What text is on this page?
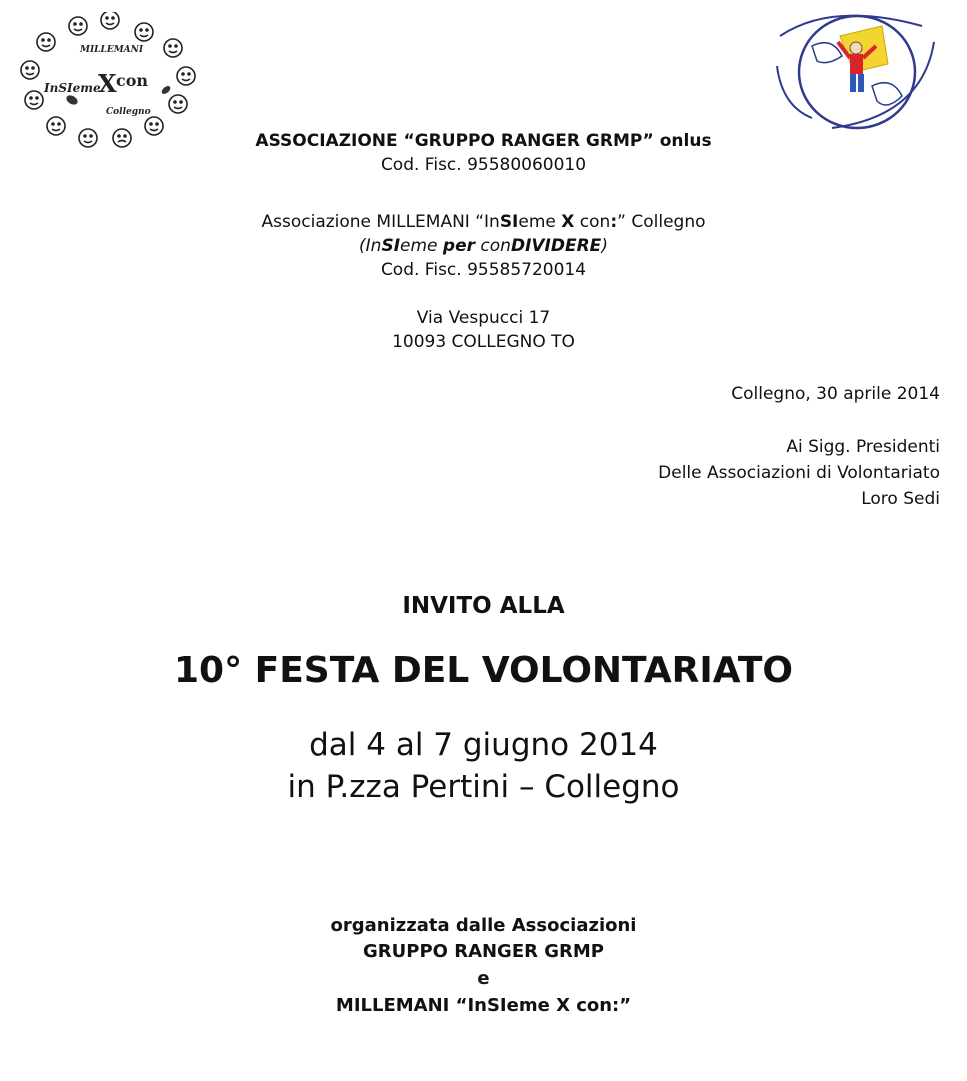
MILLEMANI
InSIeme
X con
Collegno
ASSOCIAZIONE “GRUPPO RANGER GRMP” onlus
Cod. Fisc. 95580060010
Associazione MILLEMANI “InSIeme X con:” Collegno
(InSIeme per conDIVIDERE)
Cod. Fisc. 95585720014
Via Vespucci 17
10093 COLLEGNO TO
Collegno, 30 aprile 2014
Ai Sigg. Presidenti
Delle Associazioni di Volontariato
Loro Sedi
INVITO ALLA
10° FESTA DEL VOLONTARIATO
dal 4 al 7 giugno 2014
in P.zza Pertini – Collegno
organizzata dalle Associazioni
GRUPPO RANGER GRMP
e
MILLEMANI “InSIeme X con:”
